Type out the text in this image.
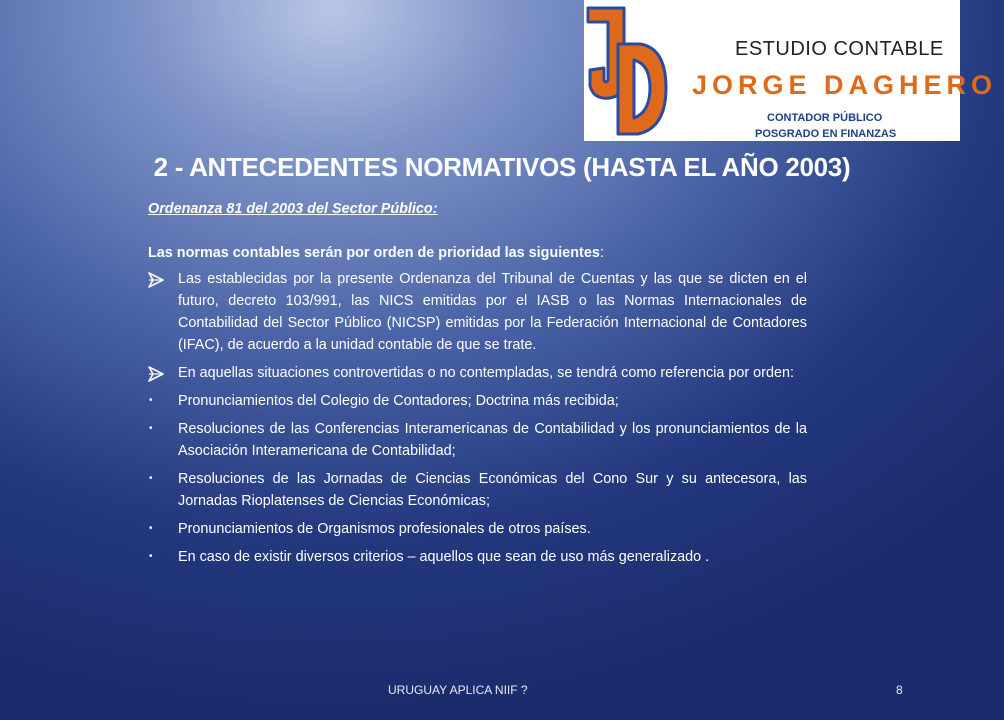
ESTUDIO CONTABLE
JORGE DAGHERO
CONTADOR PÚBLICO
POSGRADO EN FINANZAS
2 - ANTECEDENTES NORMATIVOS (HASTA EL AÑO 2003)
Ordenanza 81 del 2003 del Sector Público:
Las normas contables serán por orden de prioridad las siguientes:
Las establecidas por la presente Ordenanza del Tribunal de Cuentas y las que se dicten en el futuro, decreto 103/991, las NICS emitidas por el IASB o las Normas Internacionales de Contabilidad del Sector Público (NICSP) emitidas por la Federación Internacional de Contadores (IFAC), de acuerdo a la unidad contable de que se trate.
En aquellas situaciones controvertidas o no contempladas, se tendrá como referencia por orden:
•	Pronunciamientos del Colegio de Contadores; Doctrina más recibida;
•	Resoluciones de las Conferencias Interamericanas de Contabilidad y los pronunciamientos de la Asociación Interamericana de Contabilidad;
•	Resoluciones de las Jornadas de Ciencias Económicas del Cono Sur y su antecesora, las Jornadas Rioplatenses de Ciencias Económicas;
•	Pronunciamientos de Organismos profesionales de otros países.
•	En caso de existir diversos criterios – aquellos que sean de uso más generalizado .
URUGUAY APLICA NIIF ?	8
